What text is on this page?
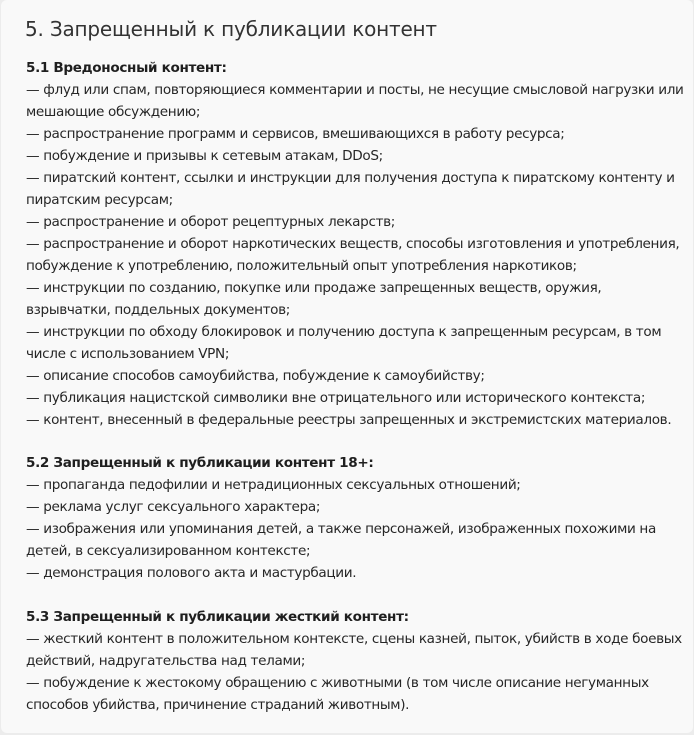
5. Запрещенный к публикации контент
5.1 Вредоносный контент:
— флуд или спам, повторяющиеся комментарии и посты, не несущие смысловой нагрузки или мешающие обсуждению;
— распространение программ и сервисов, вмешивающихся в работу ресурса;
— побуждение и призывы к сетевым атакам, DDoS;
— пиратский контент, ссылки и инструкции для получения доступа к пиратскому контенту и пиратским ресурсам;
— распространение и оборот рецептурных лекарств;
— распространение и оборот наркотических веществ, способы изготовления и употребления, побуждение к употреблению, положительный опыт употребления наркотиков;
— инструкции по созданию, покупке или продаже запрещенных веществ, оружия, взрывчатки, поддельных документов;
— инструкции по обходу блокировок и получению доступа к запрещенным ресурсам, в том числе с использованием VPN;
— описание способов самоубийства, побуждение к самоубийству;
— публикация нацистской символики вне отрицательного или исторического контекста;
— контент, внесенный в федеральные реестры запрещенных и экстремистских материалов.
5.2 Запрещенный к публикации контент 18+:
— пропаганда педофилии и нетрадиционных сексуальных отношений;
— реклама услуг сексуального характера;
— изображения или упоминания детей, а также персонажей, изображенных похожими на детей, в сексуализированном контексте;
— демонстрация полового акта и мастурбации.
5.3 Запрещенный к публикации жесткий контент:
— жесткий контент в положительном контексте, сцены казней, пыток, убийств в ходе боевых действий, надругательства над телами;
— побуждение к жестокому обращению с животными (в том числе описание негуманных способов убийства, причинение страданий животным).
